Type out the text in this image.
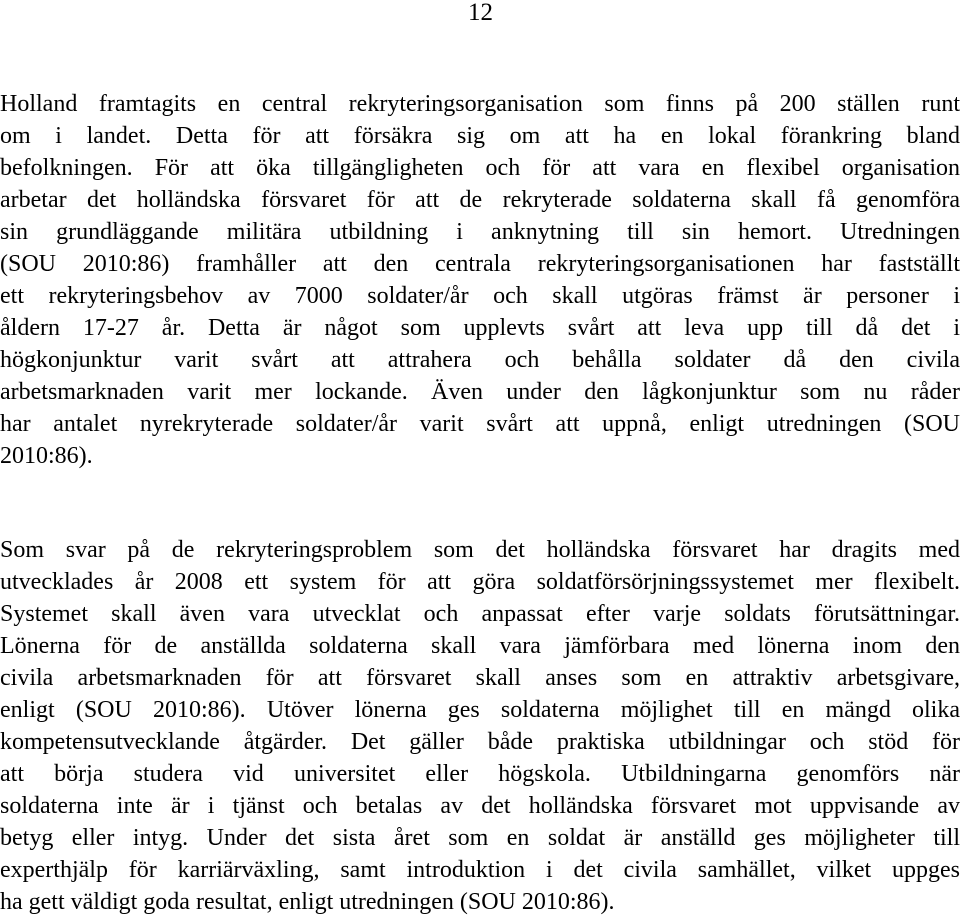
12
Holland framtagits en central rekryteringsorganisation som finns på 200 ställen runt
om i landet. Detta för att försäkra sig om att ha en lokal förankring bland
befolkningen. För att öka tillgängligheten och för att vara en flexibel organisation
arbetar det holländska försvaret för att de rekryterade soldaterna skall få genomföra
sin grundläggande militära utbildning i anknytning till sin hemort. Utredningen
(SOU 2010:86) framhåller att den centrala rekryteringsorganisationen har fastställt
ett rekryteringsbehov av 7000 soldater/år och skall utgöras främst är personer i
åldern 17-27 år. Detta är något som upplevts svårt att leva upp till då det i
högkonjunktur varit svårt att attrahera och behålla soldater då den civila
arbetsmarknaden varit mer lockande. Även under den lågkonjunktur som nu råder
har antalet nyrekryterade soldater/år varit svårt att uppnå, enligt utredningen (SOU
2010:86).
Som svar på de rekryteringsproblem som det holländska försvaret har dragits med
utvecklades år 2008 ett system för att göra soldatförsörjningssystemet mer flexibelt.
Systemet skall även vara utvecklat och anpassat efter varje soldats förutsättningar.
Lönerna för de anställda soldaterna skall vara jämförbara med lönerna inom den
civila arbetsmarknaden för att försvaret skall anses som en attraktiv arbetsgivare,
enligt (SOU 2010:86). Utöver lönerna ges soldaterna möjlighet till en mängd olika
kompetensutvecklande åtgärder. Det gäller både praktiska utbildningar och stöd för
att börja studera vid universitet eller högskola. Utbildningarna genomförs när
soldaterna inte är i tjänst och betalas av det holländska försvaret mot uppvisande av
betyg eller intyg. Under det sista året som en soldat är anställd ges möjligheter till
experthjälp för karriärväxling, samt introduktion i det civila samhället, vilket uppges
ha gett väldigt goda resultat, enligt utredningen (SOU 2010:86).
